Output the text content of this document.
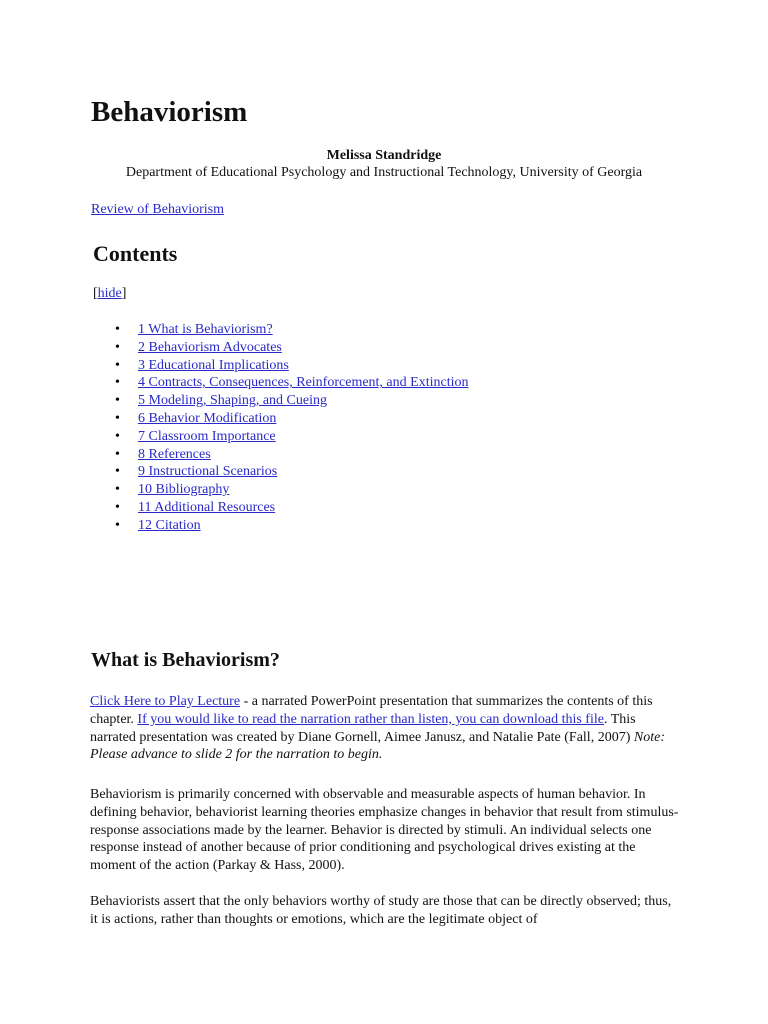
Behaviorism
Melissa Standridge
Department of Educational Psychology and Instructional Technology, University of Georgia
Review of Behaviorism
Contents
[hide]
• 1 What is Behaviorism?
• 2 Behaviorism Advocates
• 3 Educational Implications
• 4 Contracts, Consequences, Reinforcement, and Extinction
• 5 Modeling, Shaping, and Cueing
• 6 Behavior Modification
• 7 Classroom Importance
• 8 References
• 9 Instructional Scenarios
• 10 Bibliography
• 11 Additional Resources
• 12 Citation
What is Behaviorism?

Click Here to Play Lecture - a narrated PowerPoint presentation that summarizes the contents of this chapter. If you would like to read the narration rather than listen, you can download this file. This narrated presentation was created by Diane Gornell, Aimee Janusz, and Natalie Pate (Fall, 2007) Note: Please advance to slide 2 for the narration to begin.

Behaviorism is primarily concerned with observable and measurable aspects of human behavior. In defining behavior, behaviorist learning theories emphasize changes in behavior that result from stimulus-response associations made by the learner. Behavior is directed by stimuli. An individual selects one response instead of another because of prior conditioning and psychological drives existing at the moment of the action (Parkay & Hass, 2000).

Behaviorists assert that the only behaviors worthy of study are those that can be directly observed; thus, it is actions, rather than thoughts or emotions, which are the legitimate object of
